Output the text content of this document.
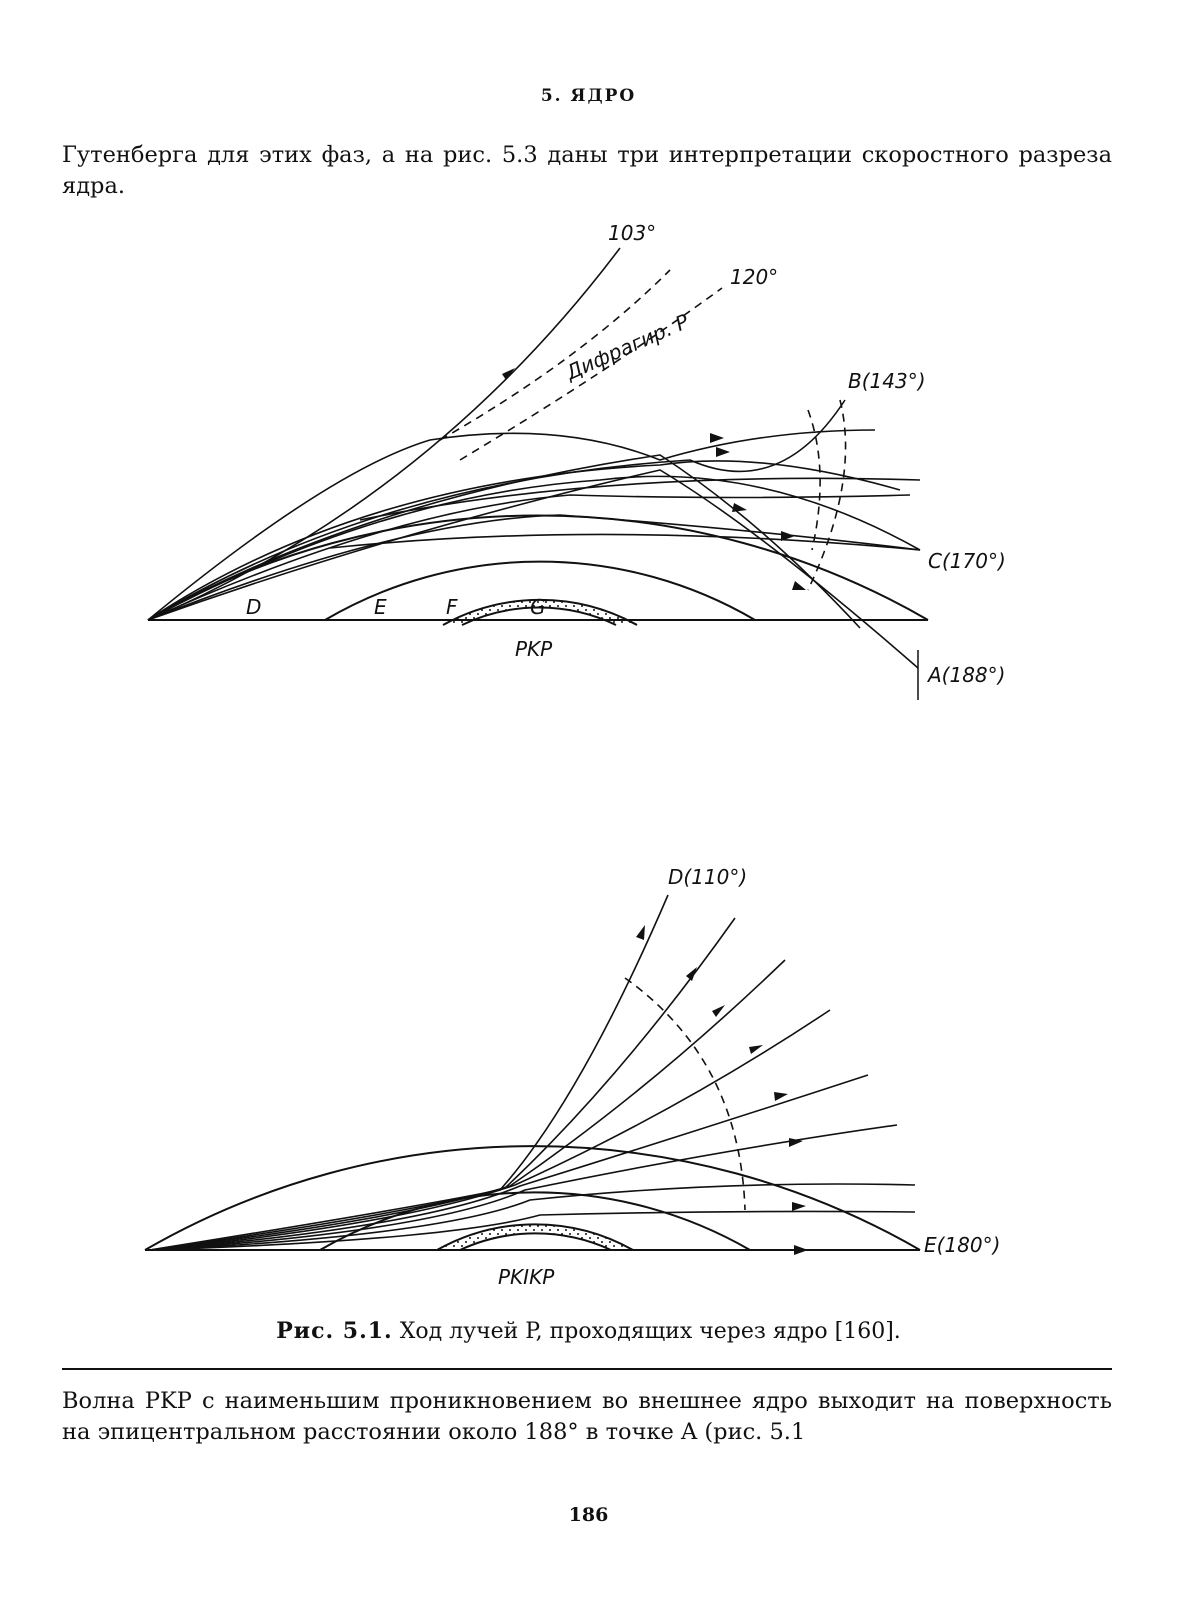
5. ЯДРО
Гутенберга для этих фаз, а на рис. 5.3 даны три интерпретации скоростного разреза ядра.
103°
120°
Дифрагир. P	B(143°)
C(170°)
A(188°)
D	E	F	G
PKP
D(110°)
E(180°)
PKIKP
Рис. 5.1. Ход лучей P, проходящих через ядро [160].
Волна PKP с наименьшим проникновением во внешнее ядро выходит на поверхность на эпицентральном расстоянии около 188° в точке A (рис. 5.1
186
